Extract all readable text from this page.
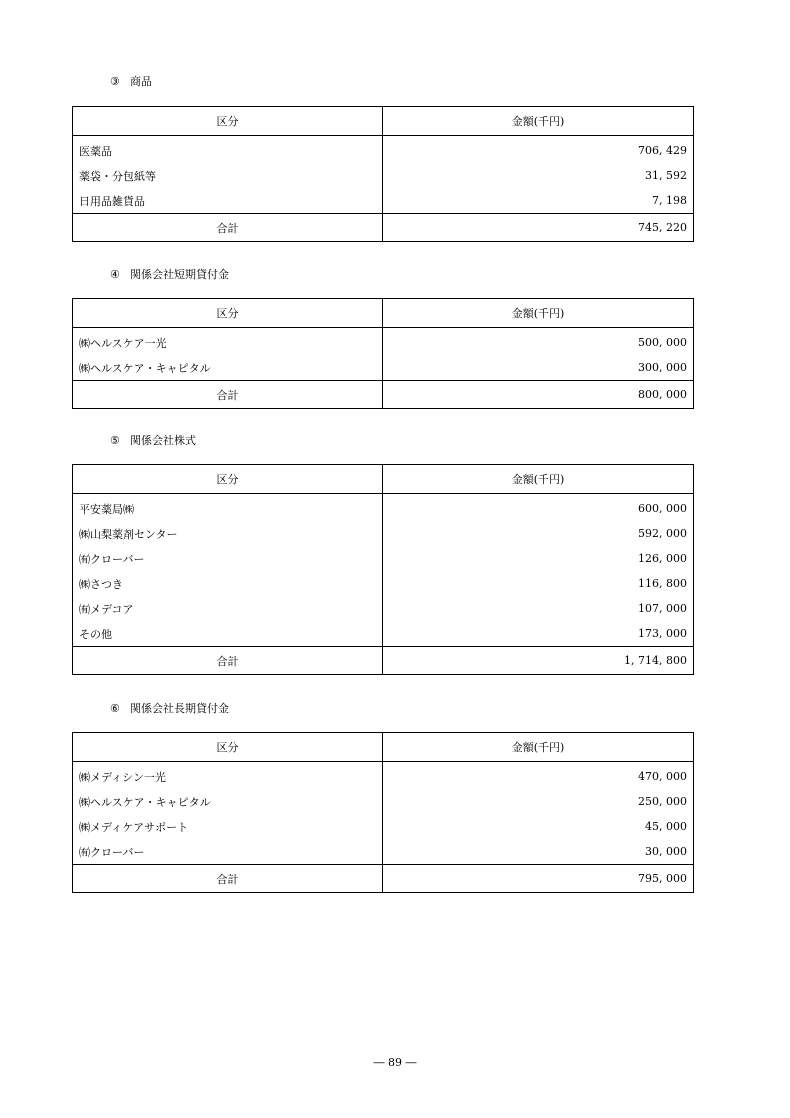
③ 商品
区分	金額(千円)
医薬品	706, 429
薬袋・分包紙等	31, 592
日用品雑貨品	7, 198
合計	745, 220
④ 関係会社短期貸付金
区分	金額(千円)
㈱ヘルスケア一光	500, 000
㈱ヘルスケア・キャピタル	300, 000
合計	800, 000
⑤ 関係会社株式
区分	金額(千円)
平安薬局㈱	600, 000
㈱山梨薬剤センター	592, 000
㈲クローバー	126, 000
㈱さつき	116, 800
㈲メデコア	107, 000
その他	173, 000
合計	1, 714, 800
⑥ 関係会社長期貸付金
区分	金額(千円)
㈱メディシン一光	470, 000
㈱ヘルスケア・キャピタル	250, 000
㈱メディケアサポート	45, 000
㈲クローバー	30, 000
合計	795, 000
― 89 ―
